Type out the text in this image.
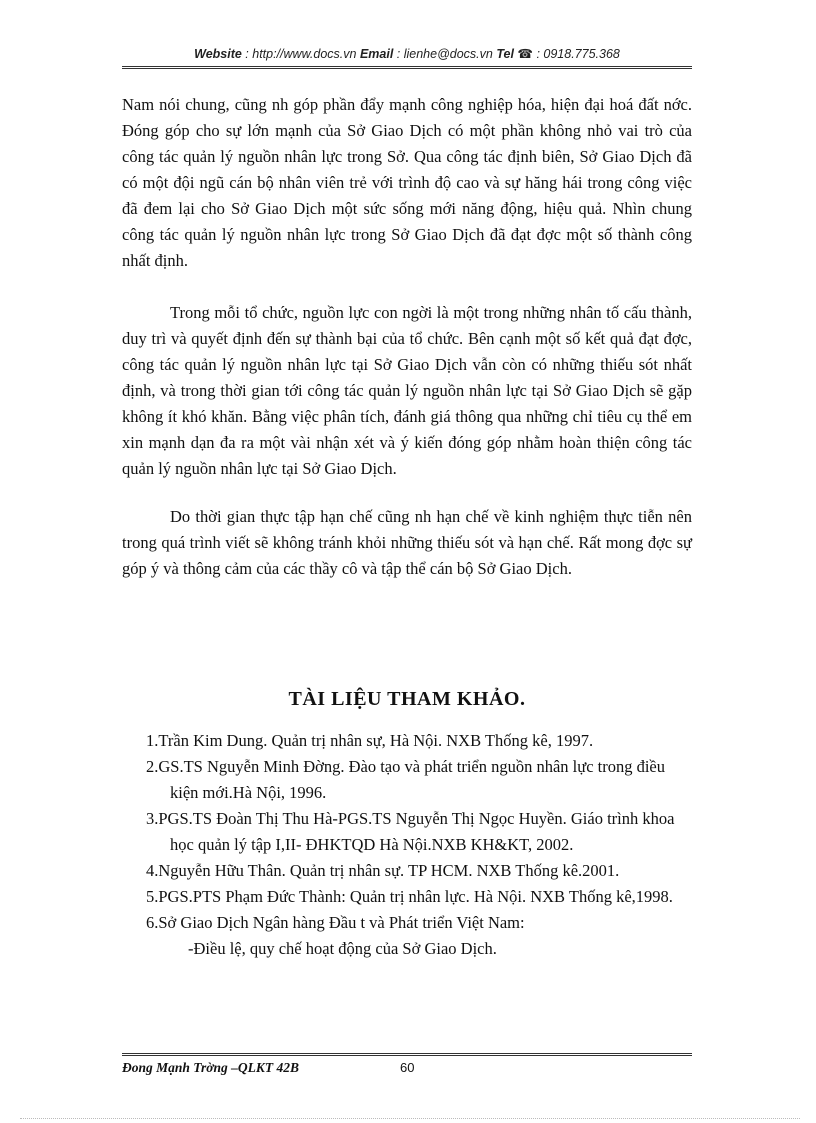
Website : http://www.docs.vn Email : lienhe@docs.vn Tel ☎ : 0918.775.368
Nam nói chung, cũng nh góp phần đẩy mạnh công nghiệp hóa, hiện đại hoá đất nớc. Đóng góp cho sự lớn mạnh của Sở Giao Dịch có một phần không nhỏ vai trò của công tác quản lý nguồn nhân lực trong Sở. Qua công tác định biên, Sở Giao Dịch đã có một đội ngũ cán bộ nhân viên trẻ với trình độ cao và sự hăng hái trong công việc đã đem lại cho Sở Giao Dịch một sức sống mới năng động, hiệu quả. Nhìn chung công tác quản lý nguồn nhân lực trong Sở Giao Dịch đã đạt đợc một số thành công nhất định.
Trong mỗi tổ chức, nguồn lực con ngời là một trong những nhân tố cấu thành, duy trì và quyết định đến sự thành bại của tổ chức. Bên cạnh một số kết quả đạt đợc, công tác quản lý nguồn nhân lực tại Sở Giao Dịch vẫn còn có những thiếu sót nhất định, và trong thời gian tới công tác quản lý nguồn nhân lực tại Sở Giao Dịch sẽ gặp không ít khó khăn. Bằng việc phân tích, đánh giá thông qua những chỉ tiêu cụ thể em xin mạnh dạn đa ra một vài nhận xét và ý kiến đóng góp nhằm hoàn thiện công tác quản lý nguồn nhân lực tại Sở Giao Dịch.
Do thời gian thực tập hạn chế cũng nh hạn chế về kinh nghiệm thực tiễn nên trong quá trình viết sẽ không tránh khỏi những thiếu sót và hạn chế. Rất mong đợc sự góp ý và thông cảm của các thầy cô và tập thể cán bộ Sở Giao Dịch.
TÀI LIỆU THAM KHẢO.
1.Trần Kim Dung. Quản trị nhân sự, Hà Nội. NXB Thống kê, 1997.
2.GS.TS Nguyễn Minh Đờng. Đào tạo và phát triển nguồn nhân lực trong điều kiện mới.Hà Nội, 1996.
3.PGS.TS Đoàn Thị Thu Hà-PGS.TS Nguyễn Thị Ngọc Huyền. Giáo trình khoa học quản lý tập I,II- ĐHKTQD Hà Nội.NXB KH&KT, 2002.
4.Nguyễn Hữu Thân. Quản trị nhân sự. TP HCM. NXB Thống kê.2001.
5.PGS.PTS Phạm Đức Thành: Quản trị nhân lực. Hà Nội. NXB Thống kê,1998.
6.Sở Giao Dịch Ngân hàng Đầu t và Phát triển Việt Nam:
-Điều lệ, quy chế hoạt động của Sở Giao Dịch.
Đong Mạnh Trờng –QLKT 42B	60
